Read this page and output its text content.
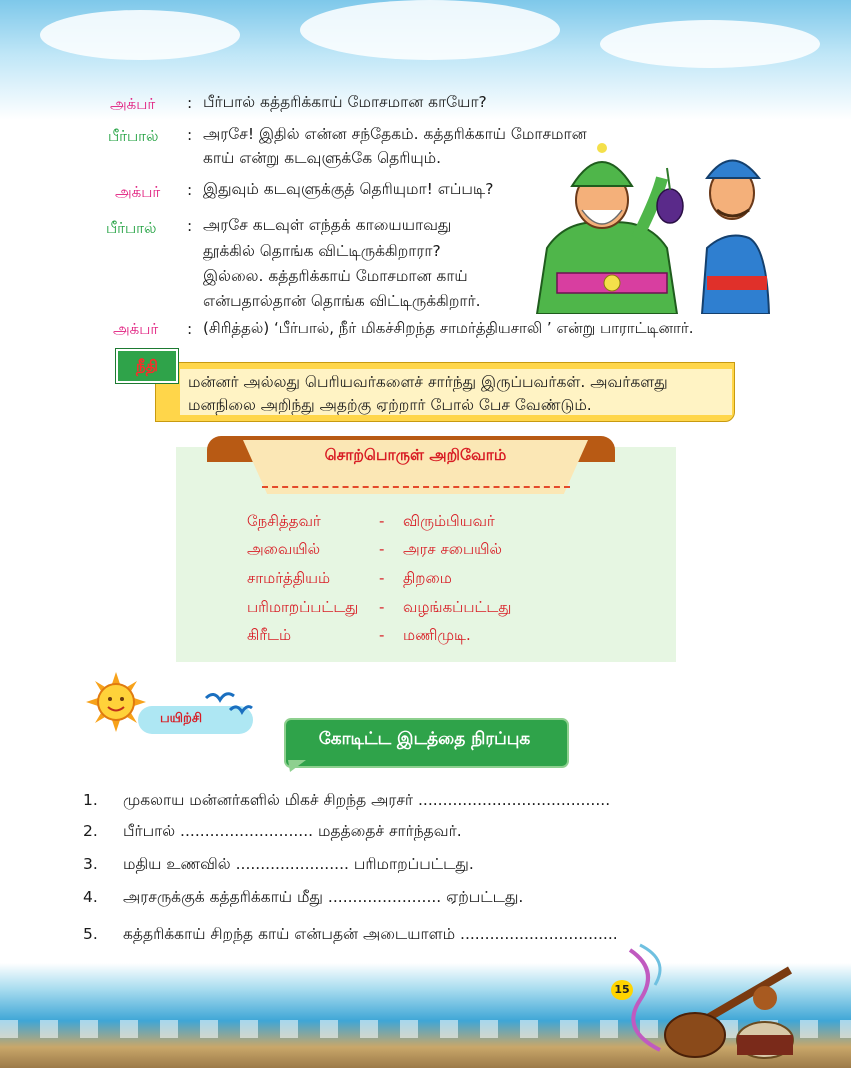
அக்பர் : பீர்பால் கத்தரிக்காய் மோசமான காயோ?
பீர்பால் : அரசே! இதில் என்ன சந்தேகம். கத்தரிக்காய் மோசமான
காய் என்று கடவுளுக்கே தெரியும்.
அக்பர் : இதுவும் கடவுளுக்குத் தெரியுமா! எப்படி?
பீர்பால் : அரசே கடவுள் எந்தக் காயையாவது
தூக்கில் தொங்க விட்டிருக்கிறாரா?
இல்லை. கத்தரிக்காய் மோசமான காய்
என்பதால்தான் தொங்க விட்டிருக்கிறார்.
அக்பர் : (சிரித்தல்) ‘பீர்பால், நீர் மிகச்சிறந்த சாமர்த்தியசாலி ’ என்று பாராட்டினார்.
மன்னர் அல்லது பெரியவர்களைச் சார்ந்து இருப்பவர்கள். அவர்களது
மனநிலை அறிந்து அதற்கு ஏற்றார் போல் பேச வேண்டும்.
நீதி
சொற்பொருள் அறிவோம்
நேசித்தவர்	- விரும்பியவர்
அவையில்	- அரச சபையில்
சாமர்த்தியம்	- திறமை
பரிமாறப்பட்டது - வழங்கப்பட்டது
கிரீடம்	- மணிமுடி.
பயிற்சி
கோடிட்ட இடத்தை நிரப்புக
1. முகலாய மன்னர்களில் மிகச் சிறந்த அரசர் .......................................
2. பீர்பால் ........................... மதத்தைச் சார்ந்தவர்.
3. மதிய உணவில் ....................... பரிமாறப்பட்டது.
4. அரசருக்குக் கத்தரிக்காய் மீது ....................... ஏற்பட்டது.
5. கத்தரிக்காய் சிறந்த காய் என்பதன் அடையாளம் ................................
15
